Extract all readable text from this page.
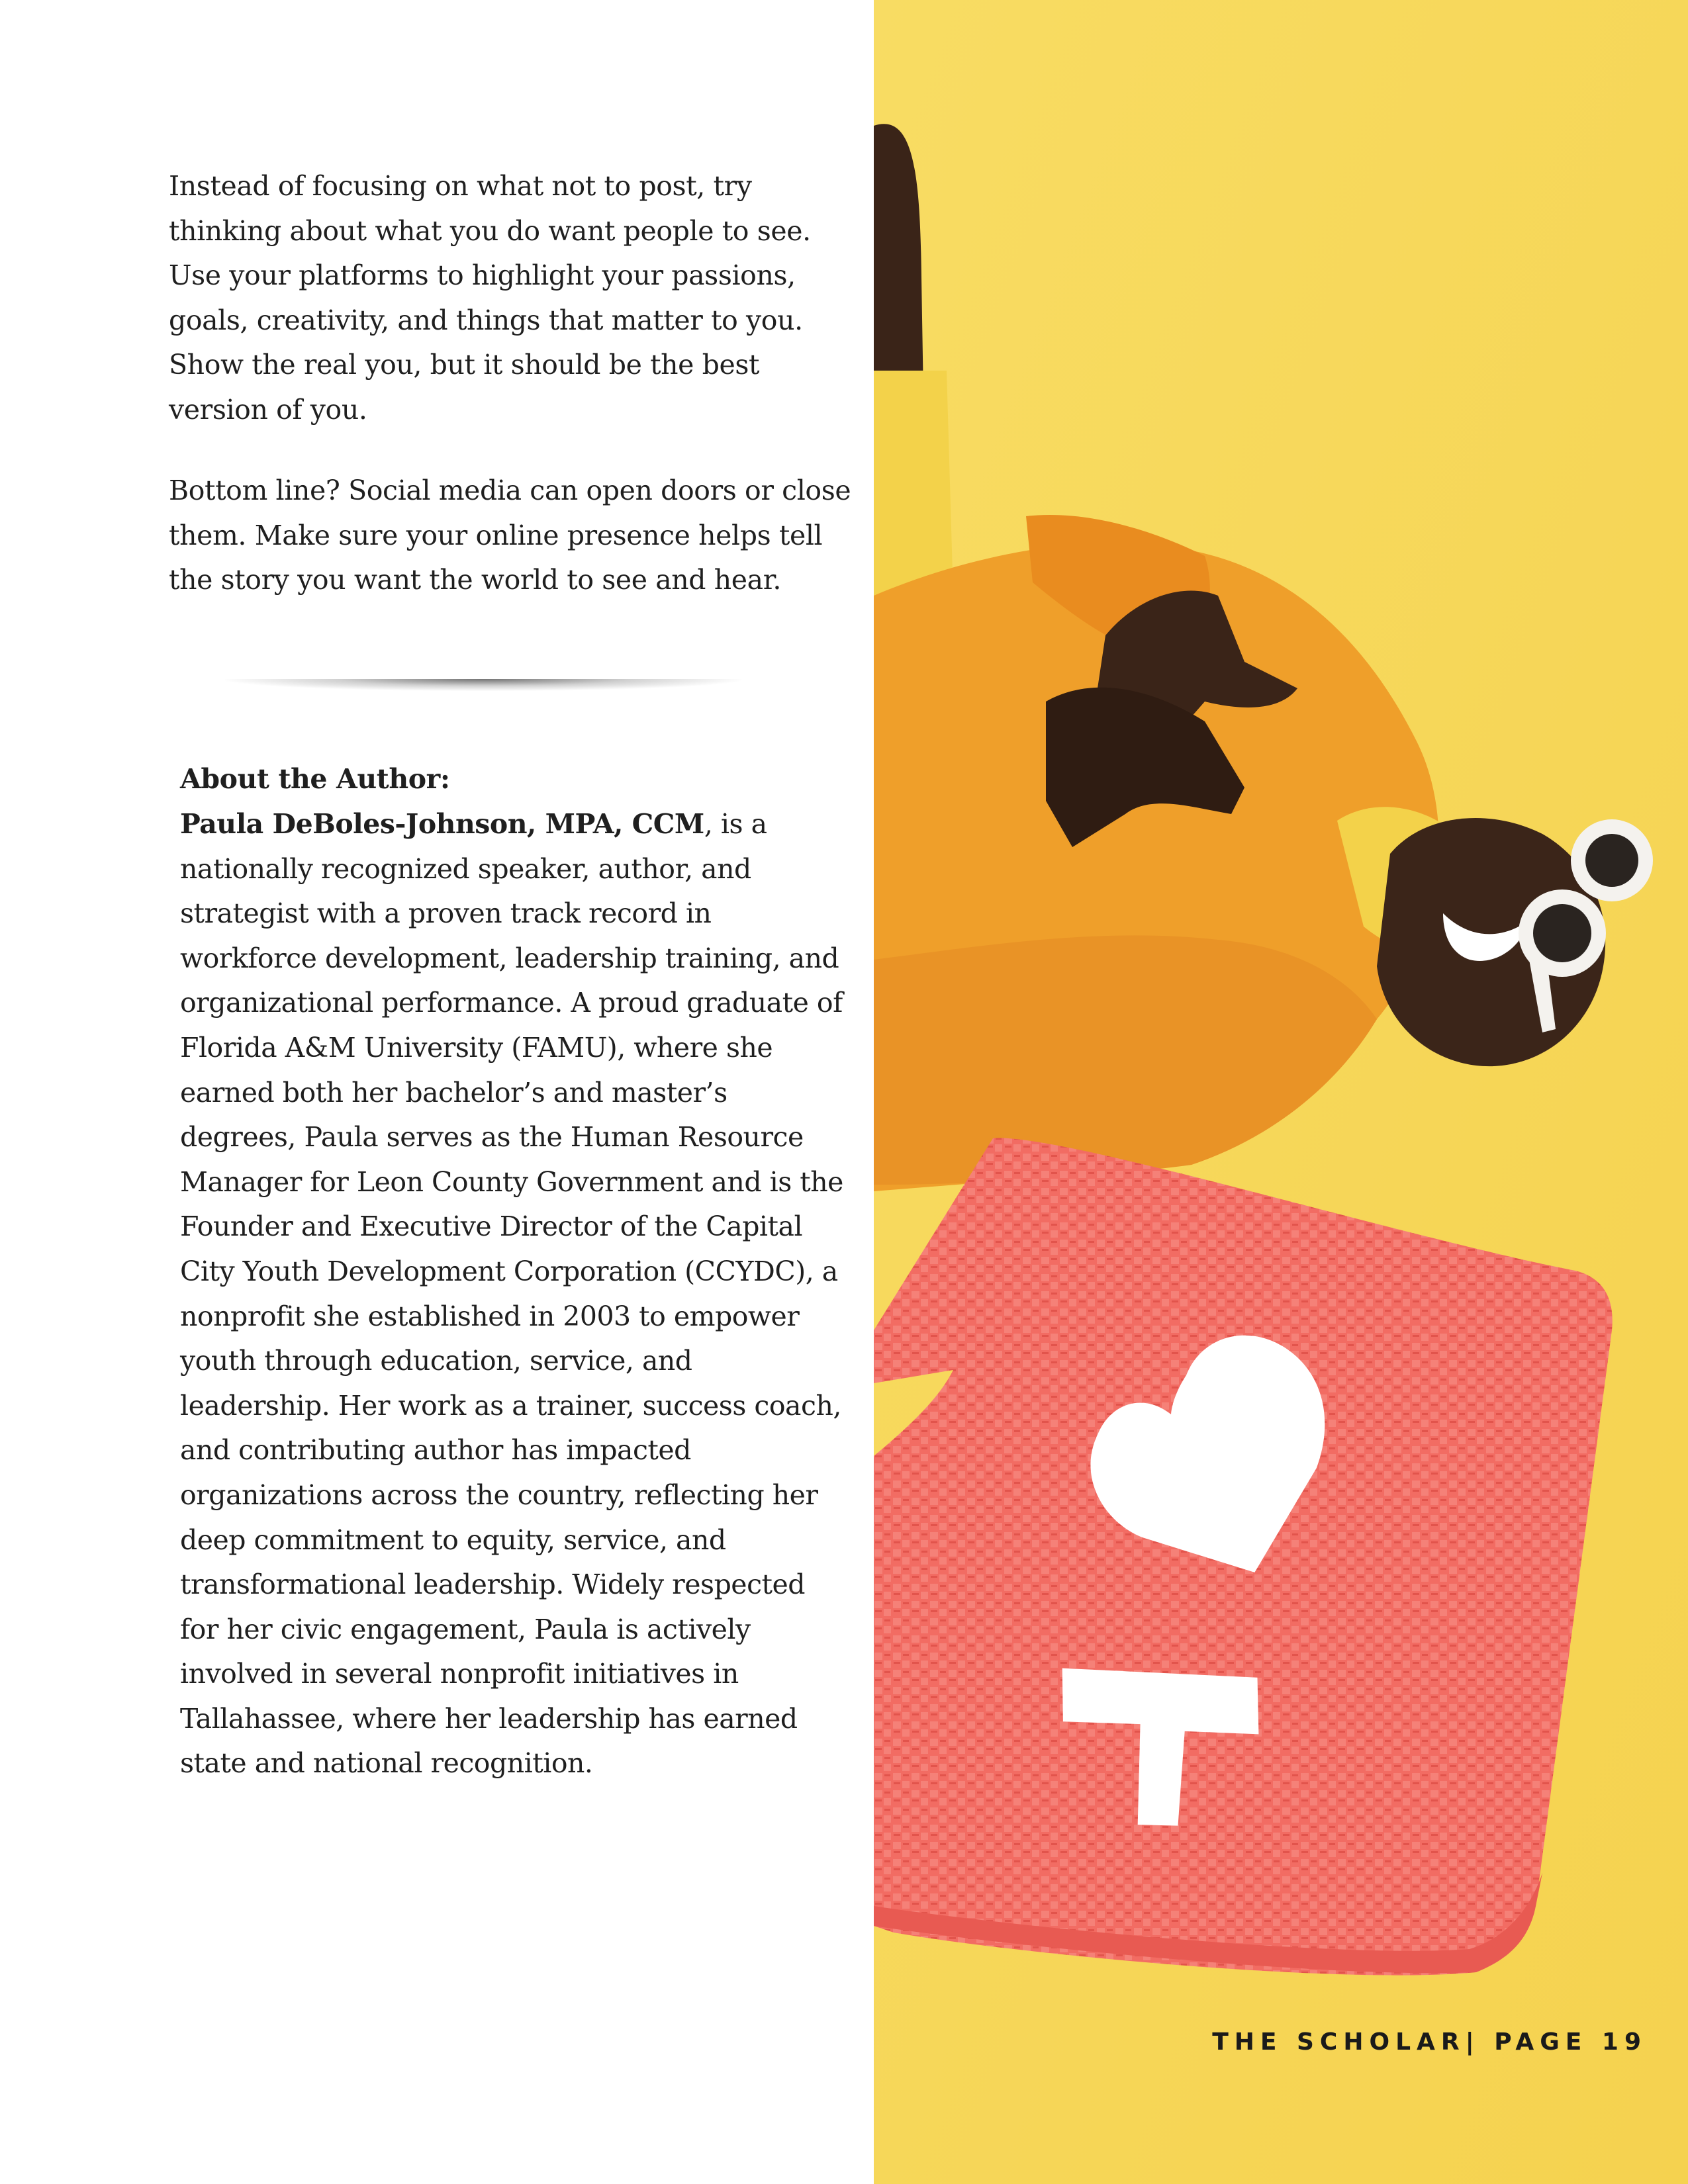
Instead of focusing on what not to post, try thinking about what you do want people to see. Use your platforms to highlight your passions, goals, creativity, and things that matter to you. Show the real you, but it should be the best version of you.

Bottom line? Social media can open doors or close them. Make sure your online presence helps tell the story you want the world to see and hear.

About the Author:

Paula DeBoles-Johnson, MPA, CCM, is a nationally recognized speaker, author, and strategist with a proven track record in workforce development, leadership training, and organizational performance. A proud graduate of Florida A&M University (FAMU), where she earned both her bachelor’s and master’s degrees, Paula serves as the Human Resource Manager for Leon County Government and is the Founder and Executive Director of the Capital City Youth Development Corporation (CCYDC), a nonprofit she established in 2003 to empower youth through education, service, and leadership. Her work as a trainer, success coach, and contributing author has impacted organizations across the country, reflecting her deep commitment to equity, service, and transformational leadership. Widely respected for her civic engagement, Paula is actively involved in several nonprofit initiatives in Tallahassee, where her leadership has earned state and national recognition.

THE SCHOLAR| PAGE 19
